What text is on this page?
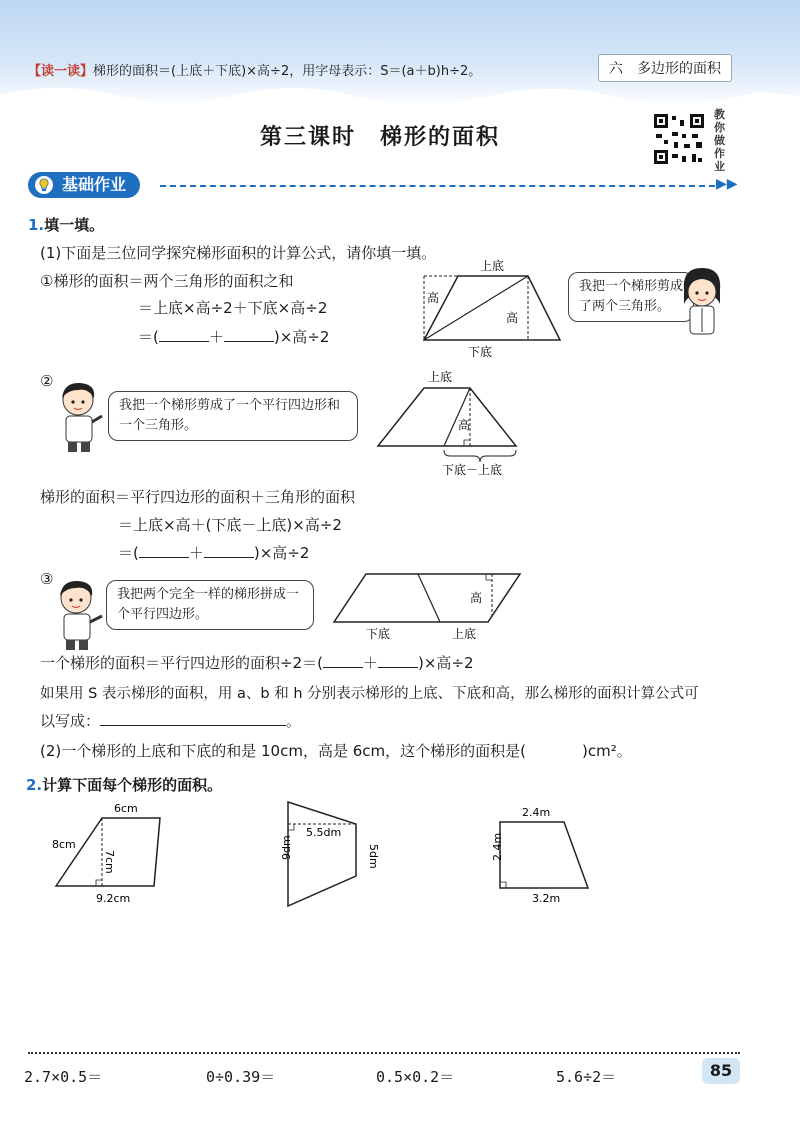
【读一读】梯形的面积＝(上底＋下底)×高÷2，用字母表示：S＝(a＋b)h÷2。	六　多边形的面积
第三课时　梯形的面积
教你做作业
基础作业	▶▶
1.填一填。
(1)下面是三位同学探究梯形面积的计算公式，请你填一填。
①梯形的面积＝两个三角形的面积之和
＝上底×高÷2＋下底×高÷2
＝(	＋	)×高÷2
上底
高
高
下底
我把一个梯形剪成了两个三角形。
②
我把一个梯形剪成了一个平行四边形和一个三角形。
上底
高
下底－上底
梯形的面积＝平行四边形的面积＋三角形的面积
＝上底×高＋(下底－上底)×高÷2
＝(	＋	)×高÷2
③
我把两个完全一样的梯形拼成一个平行四边形。
高
下底	上底
一个梯形的面积＝平行四边形的面积÷2＝(	＋	)×高÷2
如果用 S 表示梯形的面积，用 a、b 和 h 分别表示梯形的上底、下底和高，那么梯形的面积计算公式可
以写成：	。
(2)一个梯形的上底和下底的和是 10cm，高是 6cm，这个梯形的面积是(	)cm²。
2.计算下面每个梯形的面积。
6cm
8cm
7cm
9.2cm
5.5dm
9dm	5dm
2.4m
2.4m
3.2m
2.7×0.5＝	0÷0.39＝	0.5×0.2＝	5.6÷2＝	85
